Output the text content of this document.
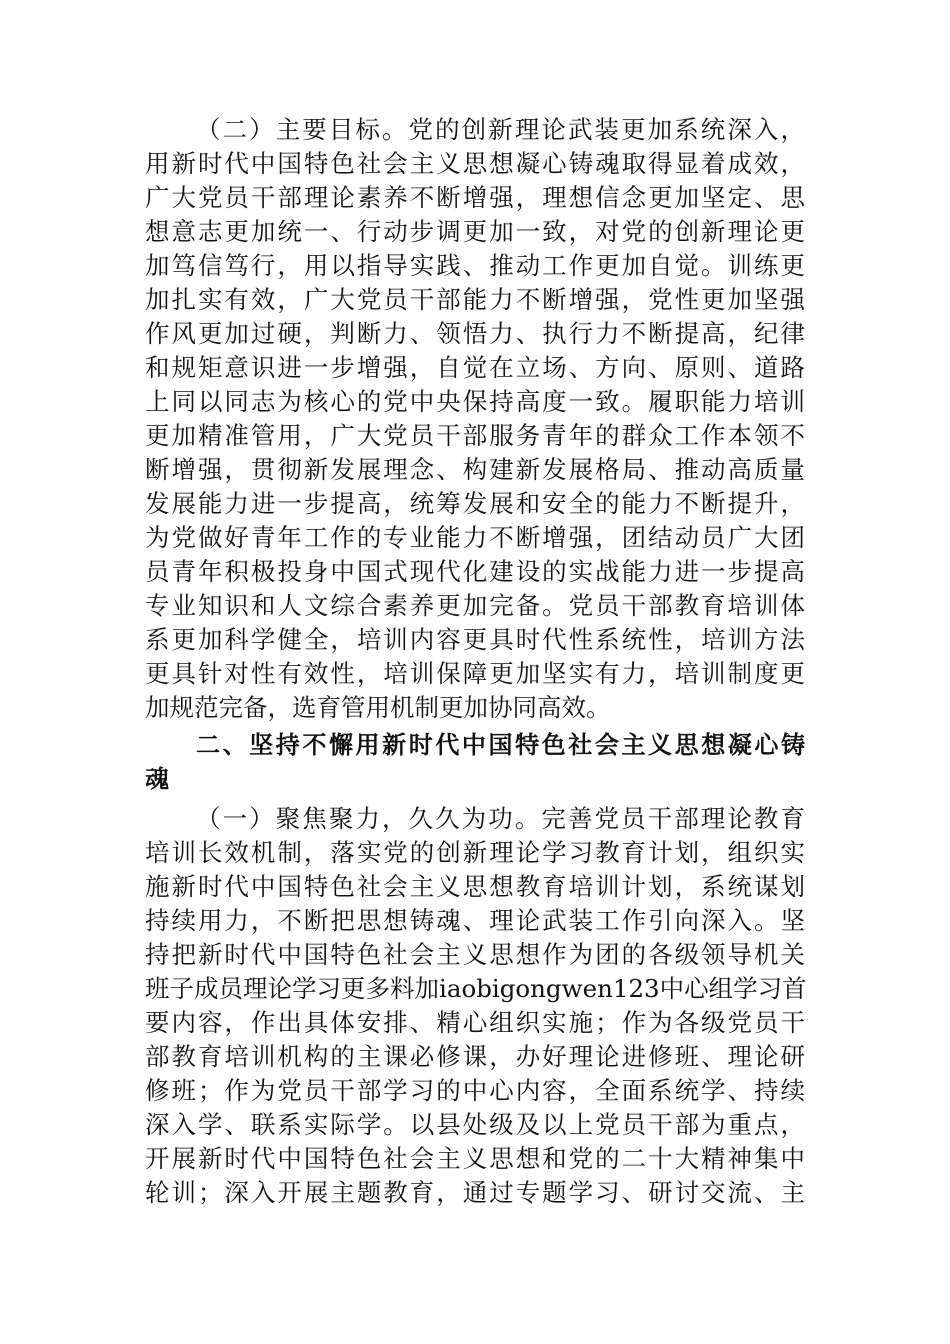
（二）主要目标。党的创新理论武装更加系统深入，
用新时代中国特色社会主义思想凝心铸魂取得显着成效，
广大党员干部理论素养不断增强，理想信念更加坚定、思
想意志更加统一、行动步调更加一致，对党的创新理论更
加笃信笃行，用以指导实践、推动工作更加自觉。训练更
加扎实有效，广大党员干部能力不断增强，党性更加坚强
作风更加过硬，判断力、领悟力、执行力不断提高，纪律
和规矩意识进一步增强，自觉在立场、方向、原则、道路
上同以同志为核心的党中央保持高度一致。履职能力培训
更加精准管用，广大党员干部服务青年的群众工作本领不
断增强，贯彻新发展理念、构建新发展格局、推动高质量
发展能力进一步提高，统筹发展和安全的能力不断提升，
为党做好青年工作的专业能力不断增强，团结动员广大团
员青年积极投身中国式现代化建设的实战能力进一步提高
专业知识和人文综合素养更加完备。党员干部教育培训体
系更加科学健全，培训内容更具时代性系统性，培训方法
更具针对性有效性，培训保障更加坚实有力，培训制度更
加规范完备，选育管用机制更加协同高效。
二、坚持不懈用新时代中国特色社会主义思想凝心铸
魂
（一）聚焦聚力，久久为功。完善党员干部理论教育
培训长效机制，落实党的创新理论学习教育计划，组织实
施新时代中国特色社会主义思想教育培训计划，系统谋划
持续用力，不断把思想铸魂、理论武装工作引向深入。坚
持把新时代中国特色社会主义思想作为团的各级领导机关
班子成员理论学习更多料加iaobigongwen123中心组学习首
要内容，作出具体安排、精心组织实施；作为各级党员干
部教育培训机构的主课必修课，办好理论进修班、理论研
修班；作为党员干部学习的中心内容，全面系统学、持续
深入学、联系实际学。以县处级及以上党员干部为重点，
开展新时代中国特色社会主义思想和党的二十大精神集中
轮训；深入开展主题教育，通过专题学习、研讨交流、主
